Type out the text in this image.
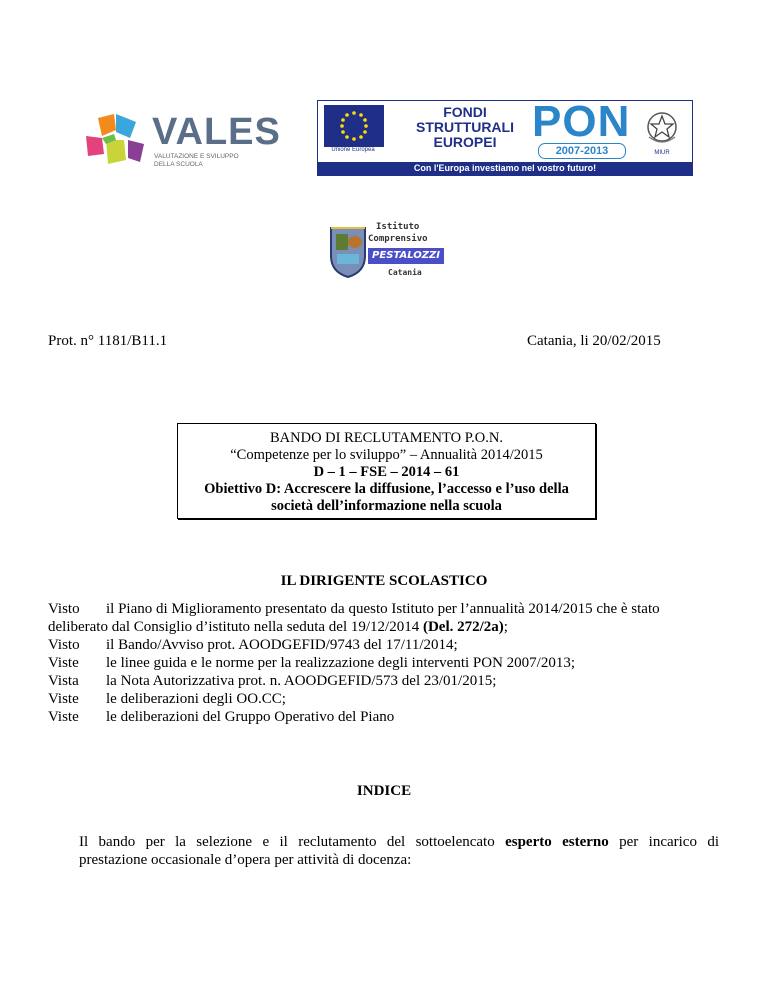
VALES
VALUTAZIONE E SVILUPPO
DELLA SCUOLA
Unione Europea
FONDI
STRUTTURALI
EUROPEI PON
2007-2013	MIUR
Con l'Europa investiamo nel vostro futuro!
Istituto
Comprensivo
PESTALOZZI
Catania
Prot. n° 1181/B11.1	Catania, li 20/02/2015
BANDO DI RECLUTAMENTO P.O.N.
“Competenze per lo sviluppo” – Annualità 2014/2015
D – 1 – FSE – 2014 – 61
Obiettivo D: Accrescere la diffusione, l’accesso e l’uso della
società dell’informazione nella scuola
IL DIRIGENTE SCOLASTICO
Visto il Piano di Miglioramento presentato da questo Istituto per l’annualità 2014/2015 che è stato
deliberato dal Consiglio d’istituto nella seduta del 19/12/2014 (Del. 272/2a);
Visto il Bando/Avviso prot. AOODGEFID/9743 del 17/11/2014;
Viste le linee guida e le norme per la realizzazione degli interventi PON 2007/2013;
Vista la Nota Autorizzativa prot. n. AOODGEFID/573 del 23/01/2015;
Viste le deliberazioni degli OO.CC;
Viste le deliberazioni del Gruppo Operativo del Piano
INDICE
Il bando per la selezione e il reclutamento del sottoelencato esperto esterno per incarico di
prestazione occasionale d’opera per attività di docenza:
